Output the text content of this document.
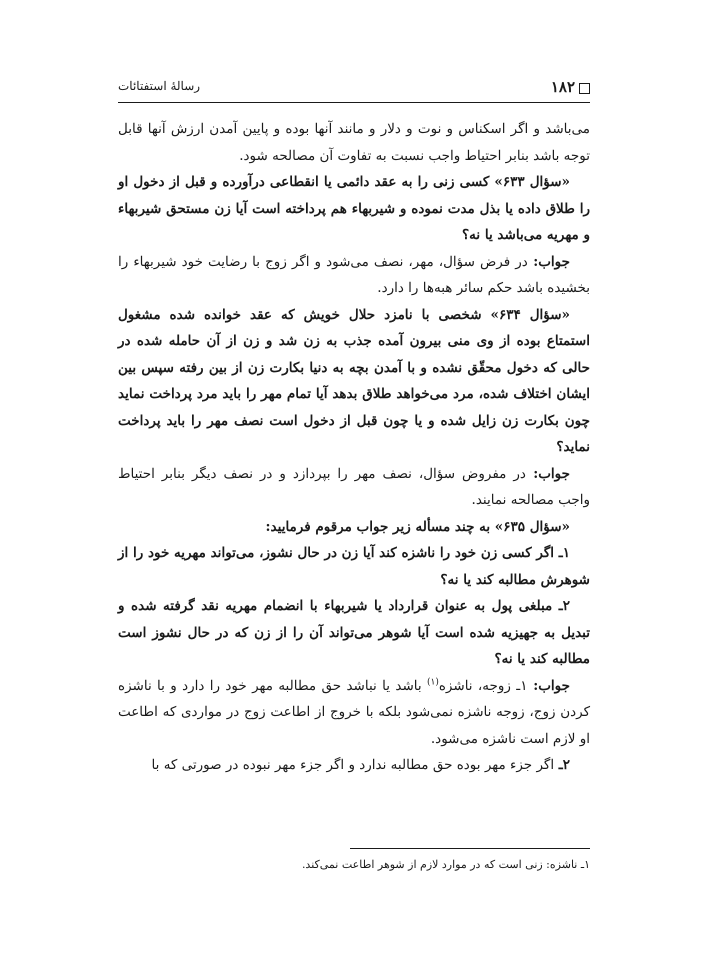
۱۸۲
رسالهٔ استفتائات

می‌باشد و اگر اسکناس و نوت و دلار و مانند آنها بوده و پایین آمدن ارزش آنها قابل توجه باشد بنابر احتیاط واجب نسبت به تفاوت آن مصالحه شود.

«سؤال ۶۳۳» کسی زنی را به عقد دائمی یا انقطاعی درآورده و قبل از دخول او را طلاق داده یا بذل مدت نموده و شیربهاء هم پرداخته است آیا زن مستحق شیربهاء و مهریه می‌باشد یا نه؟

جواب: در فرض سؤال، مهر، نصف می‌شود و اگر زوج با رضایت خود شیربهاء را بخشیده باشد حکم سائر هبه‌ها را دارد.

«سؤال ۶۳۴» شخصی با نامزد حلال خویش که عقد خوانده شده مشغول استمتاع بوده از وی منی بیرون آمده جذب به زن شد و زن از آن حامله شده در حالی که دخول محقّق نشده و با آمدن بچه به دنیا بکارت زن از بین رفته سپس بین ایشان اختلاف شده، مرد می‌خواهد طلاق بدهد آیا تمام مهر را باید مرد پرداخت نماید چون بکارت زن زایل شده و یا چون قبل از دخول است نصف مهر را باید پرداخت نماید؟

جواب: در مفروض سؤال، نصف مهر را بپردازد و در نصف دیگر بنابر احتیاط واجب مصالحه نمایند.

«سؤال ۶۳۵» به چند مسأله زیر جواب مرقوم فرمایید:

۱ـ اگر کسی زن خود را ناشزه کند آیا زن در حال نشوز، می‌تواند مهریه خود را از شوهرش مطالبه کند یا نه؟

۲ـ مبلغی پول به عنوان قرارداد یا شیربهاء با انضمام مهریه نقد گرفته شده و تبدیل به جهیزیه شده است آیا شوهر می‌تواند آن را از زن که در حال نشوز است مطالبه کند یا نه؟

جواب: ۱ـ زوجه، ناشزه$^{(۱)}$ باشد یا نباشد حق مطالبه مهر خود را دارد و با ناشزه کردن زوج، زوجه ناشزه نمی‌شود بلکه با خروج از اطاعت زوج در مواردی که اطاعت او لازم است ناشزه می‌شود.

۲ـ اگر جزء مهر بوده حق مطالبه ندارد و اگر جزء مهر نبوده در صورتی که با

۱ـ ناشزه: زنی است که در موارد لازم از شوهر اطاعت نمی‌کند.
